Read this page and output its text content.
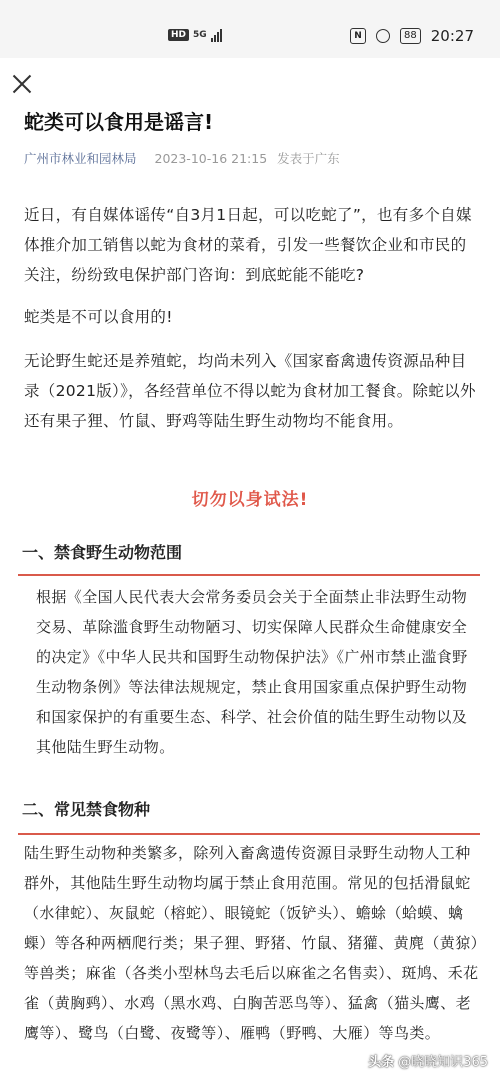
HD 5G	N	88 20:27
蛇类可以食用是谣言!
广州市林业和园林局 2023-10-16 21:15 发表于广东

近日，有自媒体谣传“自3月1日起，可以吃蛇了”，也有多个自媒体推介加工销售以蛇为食材的菜肴，引发一些餐饮企业和市民的关注，纷纷致电保护部门咨询：到底蛇能不能吃?

蛇类是不可以食用的!

无论野生蛇还是养殖蛇，均尚未列入《国家畜禽遗传资源品种目录（2021版）》，各经营单位不得以蛇为食材加工餐食。除蛇以外还有果子狸、竹鼠、野鸡等陆生野生动物均不能食用。

切勿以身试法!
一、禁食野生动物范围

根据《全国人民代表大会常务委员会关于全面禁止非法野生动物交易、革除滥食野生动物陋习、切实保障人民群众生命健康安全的决定》《中华人民共和国野生动物保护法》《广州市禁止滥食野生动物条例》等法律法规规定，禁止食用国家重点保护野生动物和国家保护的有重要生态、科学、社会价值的陆生野生动物以及其他陆生野生动物。

二、常见禁食物种

陆生野生动物种类繁多，除列入畜禽遗传资源目录野生动物人工种群外，其他陆生野生动物均属于禁止食用范围。常见的包括滑鼠蛇（水律蛇）、灰鼠蛇（榕蛇）、眼镜蛇（饭铲头）、蟾蜍（蛤蟆、蠄蟝）等各种两栖爬行类；果子狸、野猪、竹鼠、猪獾、黄麂（黄猄）等兽类；麻雀（各类小型林鸟去毛后以麻雀之名售卖）、斑鸠、禾花雀（黄胸鹀）、水鸡（黑水鸡、白胸苦恶鸟等）、猛禽（猫头鹰、老鹰等）、鹭鸟（白鹭、夜鹭等）、雁鸭（野鸭、大雁）等鸟类。

头条 @晓晓知识365
